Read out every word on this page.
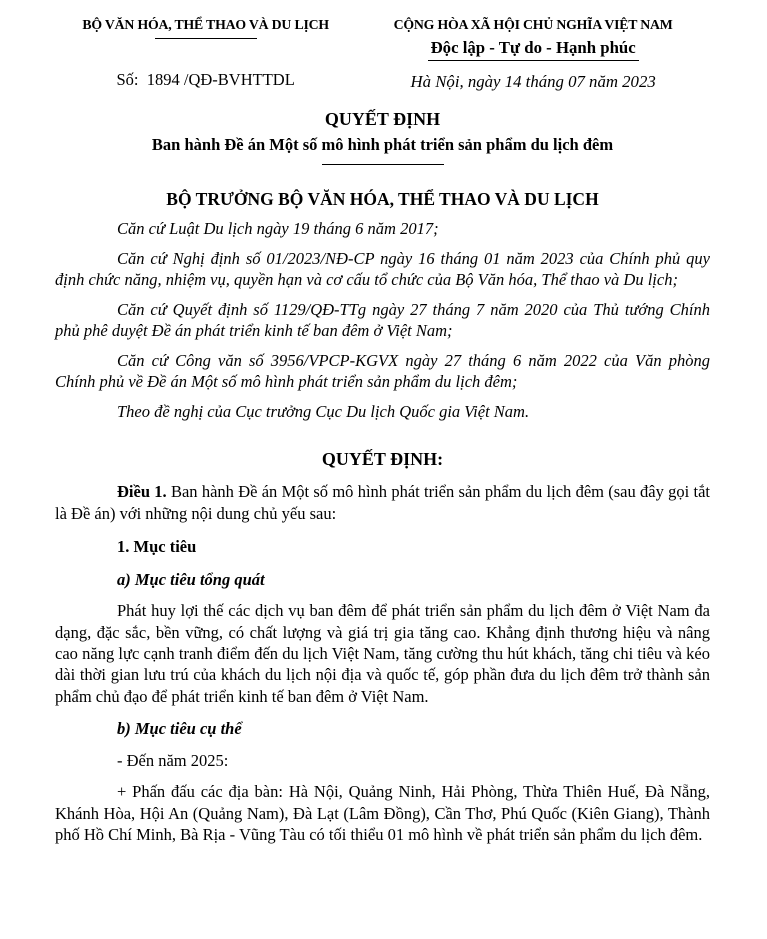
BỘ VĂN HÓA, THỂ THAO VÀ DU LỊCH
Số:  1894 /QĐ-BVHTTDL
CỘNG HÒA XÃ HỘI CHỦ NGHĨA VIỆT NAM
Độc lập - Tự do - Hạnh phúc
Hà Nội, ngày 14 tháng 07 năm 2023
QUYẾT ĐỊNH
Ban hành Đề án Một số mô hình phát triển sản phẩm du lịch đêm
BỘ TRƯỞNG BỘ VĂN HÓA, THỂ THAO VÀ DU LỊCH

Căn cứ Luật Du lịch ngày 19 tháng 6 năm 2017;

Căn cứ Nghị định số 01/2023/NĐ-CP ngày 16 tháng 01 năm 2023 của Chính phủ quy định chức năng, nhiệm vụ, quyền hạn và cơ cấu tổ chức của Bộ Văn hóa, Thể thao và Du lịch;

Căn cứ Quyết định số 1129/QĐ-TTg ngày 27 tháng 7 năm 2020 của Thủ tướng Chính phủ phê duyệt Đề án phát triển kinh tế ban đêm ở Việt Nam;

Căn cứ Công văn số 3956/VPCP-KGVX ngày 27 tháng 6 năm 2022 của Văn phòng Chính phủ về Đề án Một số mô hình phát triển sản phẩm du lịch đêm;

Theo đề nghị của Cục trưởng Cục Du lịch Quốc gia Việt Nam.

QUYẾT ĐỊNH:

Điều 1. Ban hành Đề án Một số mô hình phát triển sản phẩm du lịch đêm (sau đây gọi tắt là Đề án) với những nội dung chủ yếu sau:

1. Mục tiêu
a) Mục tiêu tổng quát

Phát huy lợi thế các dịch vụ ban đêm để phát triển sản phẩm du lịch đêm ở Việt Nam đa dạng, đặc sắc, bền vững, có chất lượng và giá trị gia tăng cao. Khẳng định thương hiệu và nâng cao năng lực cạnh tranh điểm đến du lịch Việt Nam, tăng cường thu hút khách, tăng chi tiêu và kéo dài thời gian lưu trú của khách du lịch nội địa và quốc tế, góp phần đưa du lịch đêm trở thành sản phẩm chủ đạo để phát triển kinh tế ban đêm ở Việt Nam.

b) Mục tiêu cụ thể
- Đến năm 2025:

+ Phấn đấu các địa bàn: Hà Nội, Quảng Ninh, Hải Phòng, Thừa Thiên Huế, Đà Nẵng, Khánh Hòa, Hội An (Quảng Nam), Đà Lạt (Lâm Đồng), Cần Thơ, Phú Quốc (Kiên Giang), Thành phố Hồ Chí Minh, Bà Rịa - Vũng Tàu có tối thiểu 01 mô hình về phát triển sản phẩm du lịch đêm.
